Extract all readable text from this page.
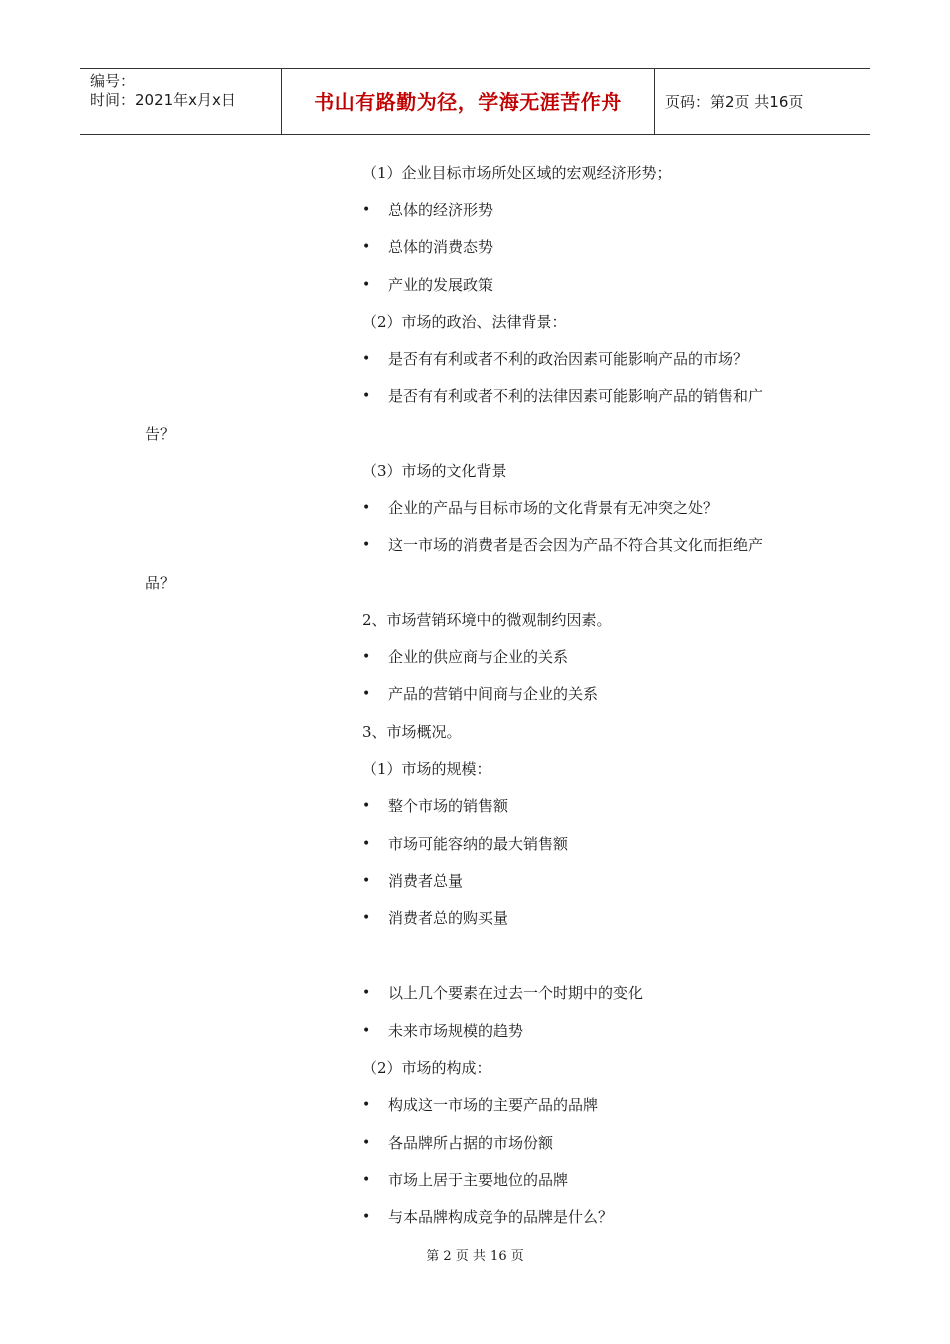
编号：
时间：2021年x月x日	书山有路勤为径，学海无涯苦作舟	页码：第2页 共16页
（1）企业目标市场所处区域的宏观经济形势；
• 总体的经济形势
• 总体的消费态势
• 产业的发展政策
（2）市场的政治、法律背景：
• 是否有有利或者不利的政治因素可能影响产品的市场？
• 是否有有利或者不利的法律因素可能影响产品的销售和广
告？
（3）市场的文化背景
• 企业的产品与目标市场的文化背景有无冲突之处？
• 这一市场的消费者是否会因为产品不符合其文化而拒绝产
品？
2、市场营销环境中的微观制约因素。
• 企业的供应商与企业的关系
• 产品的营销中间商与企业的关系
3、市场概况。
（1）市场的规模：
• 整个市场的销售额
• 市场可能容纳的最大销售额
• 消费者总量
• 消费者总的购买量
• 以上几个要素在过去一个时期中的变化
• 未来市场规模的趋势
（2）市场的构成：
• 构成这一市场的主要产品的品牌
• 各品牌所占据的市场份额
• 市场上居于主要地位的品牌
• 与本品牌构成竞争的品牌是什么？
第 2 页 共 16 页
